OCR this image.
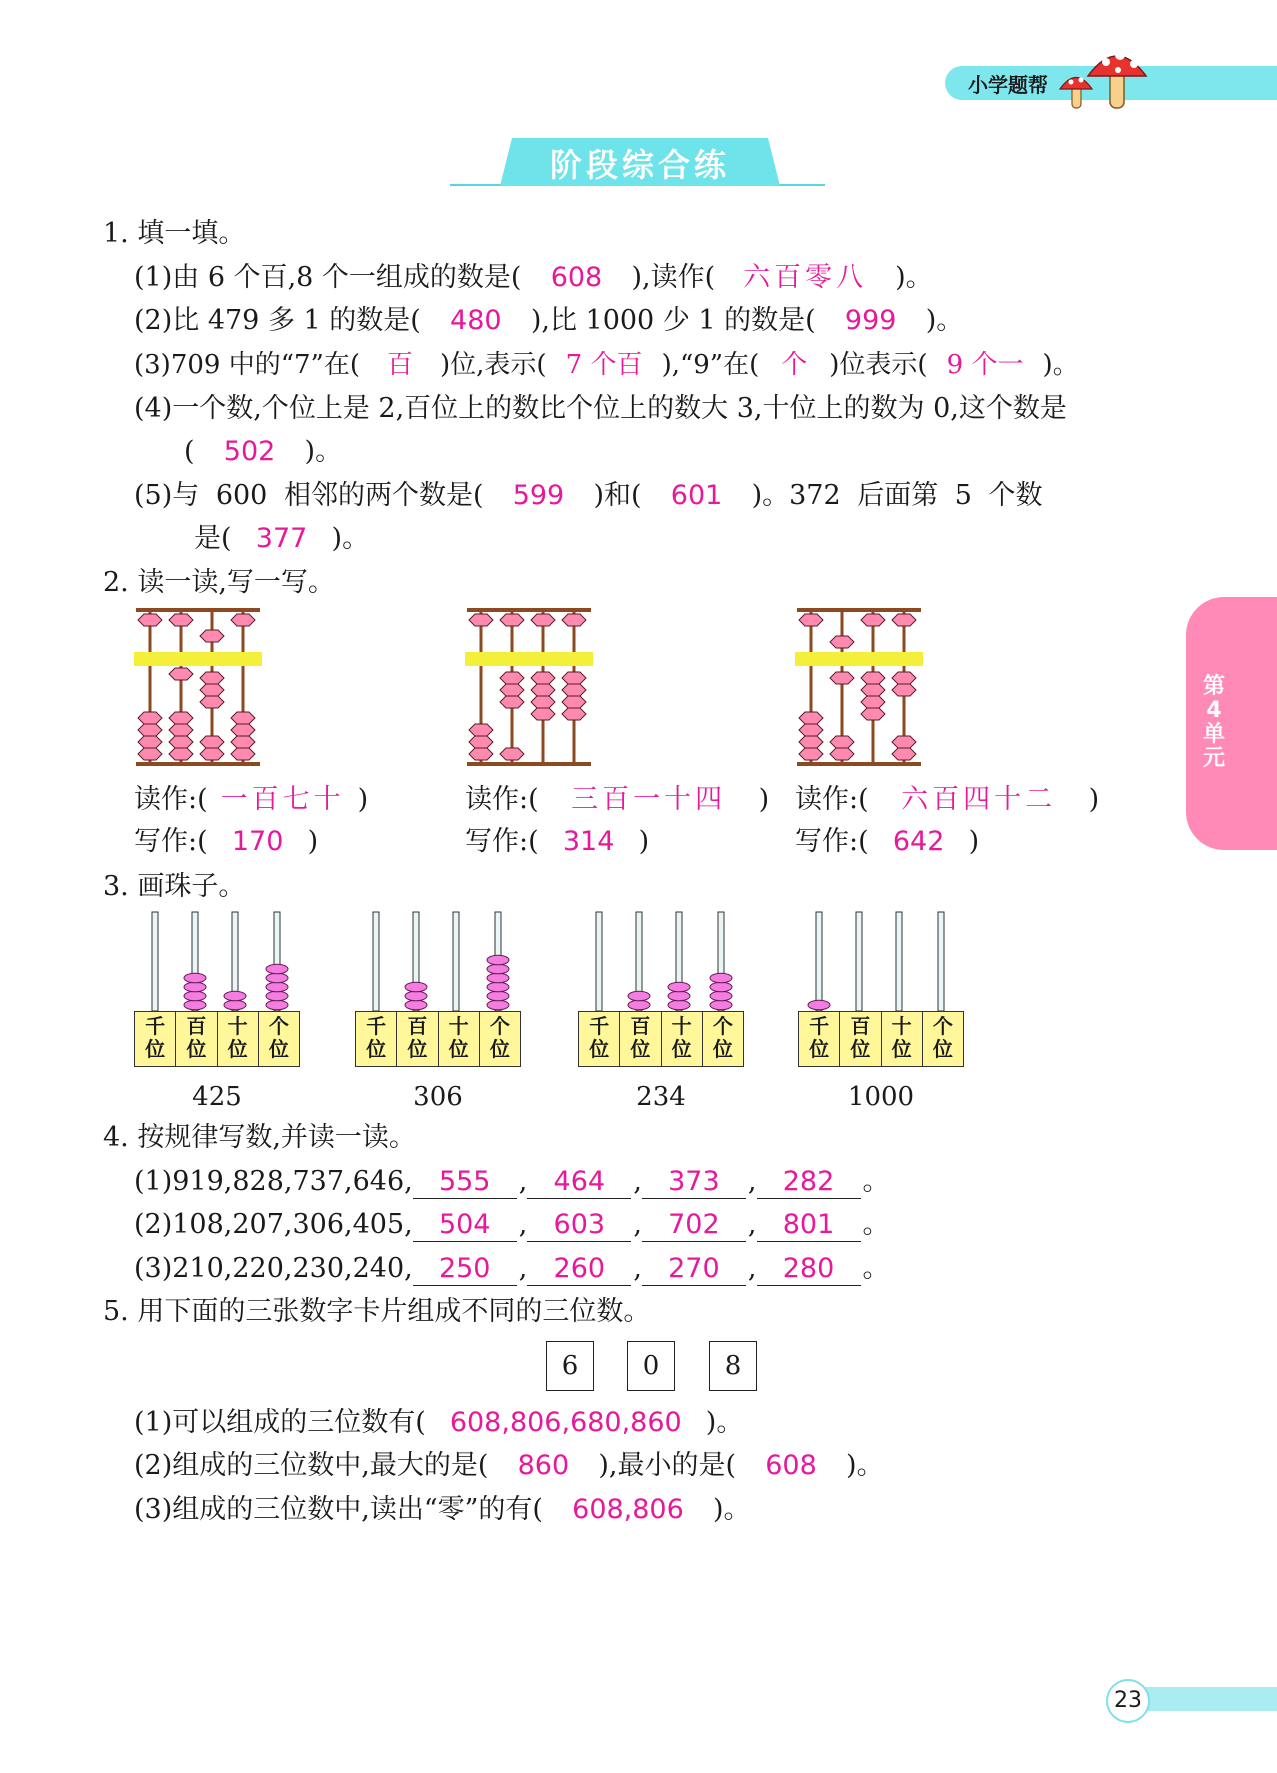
小学题帮
阶段综合练
第4单元
1. 填一填。
(1)由 6 个百,8 个一组成的数是( 608 ),读作( 六百零八 )。
(2)比 479 多 1 的数是( 480 ),比 1000 少 1 的数是( 999 )。
(3)709 中的“7”在( 百 )位,表示( 7 个百 ),“9”在( 个 )位表示( 9 个一 )。
(4)一个数,个位上是 2,百位上的数比个位上的数大 3,十位上的数为 0,这个数是
( 502 )。
(5)与 600 相邻的两个数是( 599 )和( 601 )。372 后面第 5 个数
是( 377 )。
2. 读一读,写一写。
读作:( 一百七十 )
写作:( 170 )
读作:( 三百一十四 )
写作:( 314 )
读作:( 六百四十二 )
写作:( 642 )
3. 画珠子。
千
位
百
位
十
位
个
位
425
千
位
百
位
十
位
个
位
306
千
位
百
位
十
位
个
位
234
千
位
百
位
十
位
个
位
1000
4. 按规律写数,并读一读。
(1)919,828,737,646, 555 , 464 , 373 , 282 。
(2)108,207,306,405, 504 , 603 , 702 , 801 。
(3)210,220,230,240, 250 , 260 , 270 , 280 。
5. 用下面的三张数字卡片组成不同的三位数。
6	0	8
(1)可以组成的三位数有( 608,806,680,860 )。
(2)组成的三位数中,最大的是( 860 ),最小的是( 608 )。
(3)组成的三位数中,读出“零”的有( 608,806 )。
23
